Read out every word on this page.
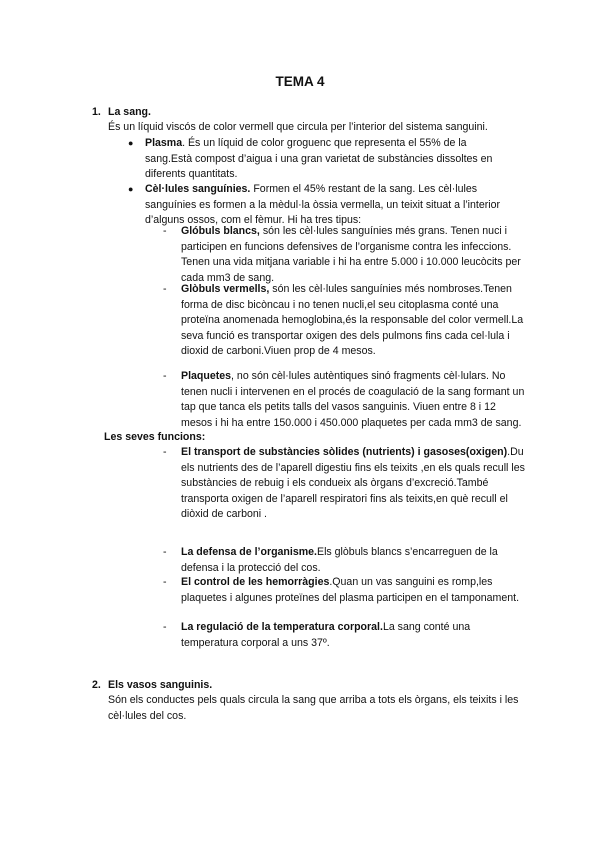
TEMA 4
1. La sang.
És un líquid viscós de color vermell que circula per l’interior del sistema sanguini.
● Plasma. És un líquid de color groguenc que representa el 55% de la sang.Està compost d’aigua i una gran varietat de substàncies dissoltes en diferents quantitats.
● Cèl·lules sanguínies. Formen el 45% restant de la sang. Les cèl·lules sanguínies es formen a la mèdul·la òssia vermella, un teixit situat a l’interior d’alguns ossos, com el fèmur. Hi ha tres tipus:
- Glóbuls blancs, són les cèl·lules sanguínies més grans. Tenen nuci i participen en funcions defensives de l’organisme contra les infeccions. Tenen una vida mitjana variable i hi ha entre 5.000 i 10.000 leucòcits per cada mm3 de sang.
- Glòbuls vermells, són les cèl·lules sanguínies més nombroses.Tenen forma de disc bicòncau i no tenen nucli,el seu citoplasma conté una proteïna anomenada hemoglobina,és la responsable del color vermell.La seva funció es transportar oxigen des dels pulmons fins cada cel·lula i dioxid de carboni.Viuen prop de 4 mesos.
- Plaquetes, no són cèl·lules autèntiques sinó fragments cèl·lulars. No tenen nucli i intervenen en el procés de coagulació de la sang formant un tap que tanca els petits talls del vasos sanguinis. Viuen entre 8 i 12 mesos i hi ha entre 150.000 i 450.000 plaquetes per cada mm3 de sang.
Les seves funcions:
- El transport de substàncies sòlides (nutrients) i gasoses(oxigen).Du els nutrients des de l’aparell digestiu fins els teixits ,en els quals recull les substàncies de rebuig i els condueix als òrgans d’excreció.També transporta oxigen de l’aparell respiratori fins als teixits,en què recull el diòxid de carboni .
- La defensa de l’organisme.Els glòbuls blancs s’encarreguen de la defensa i la protecció del cos.
- El control de les hemorràgies.Quan un vas sanguini es romp,les plaquetes i algunes proteïnes del plasma participen en el tamponament.
- La regulació de la temperatura corporal.La sang conté una temperatura corporal a uns 37º.
2. Els vasos sanguinis.
Són els conductes pels quals circula la sang que arriba a tots els òrgans, els teixits i les cèl·lules del cos.
